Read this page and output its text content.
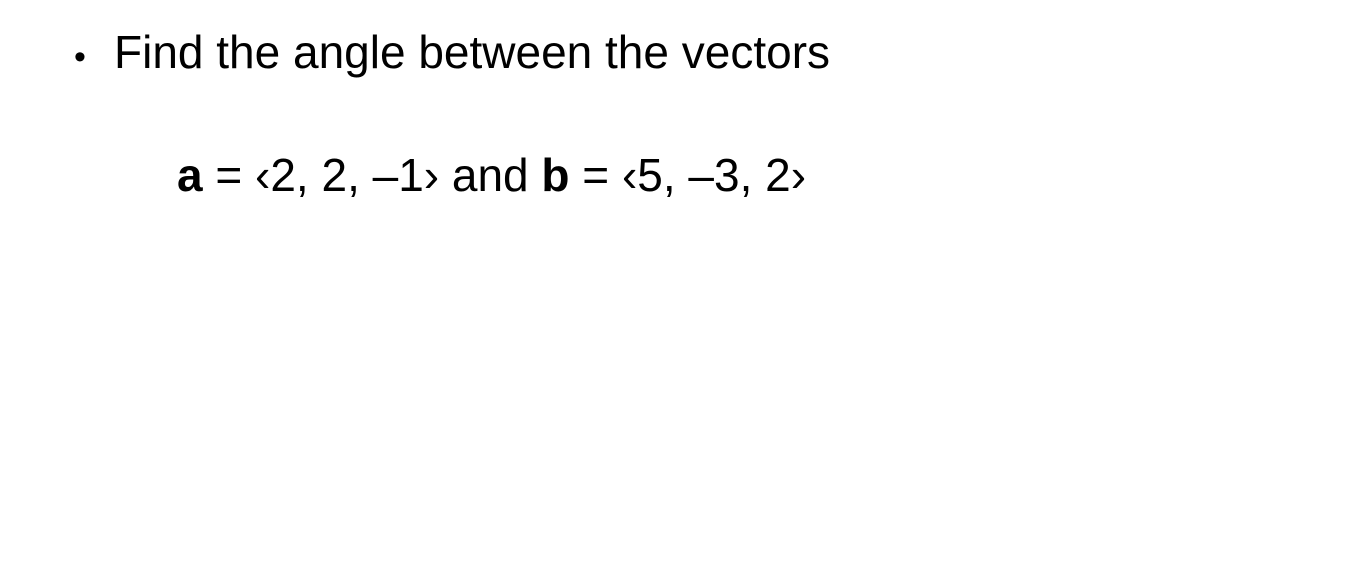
• Find the angle between the vectors
a = ‹2, 2, –1› and b = ‹5, –3, 2›
